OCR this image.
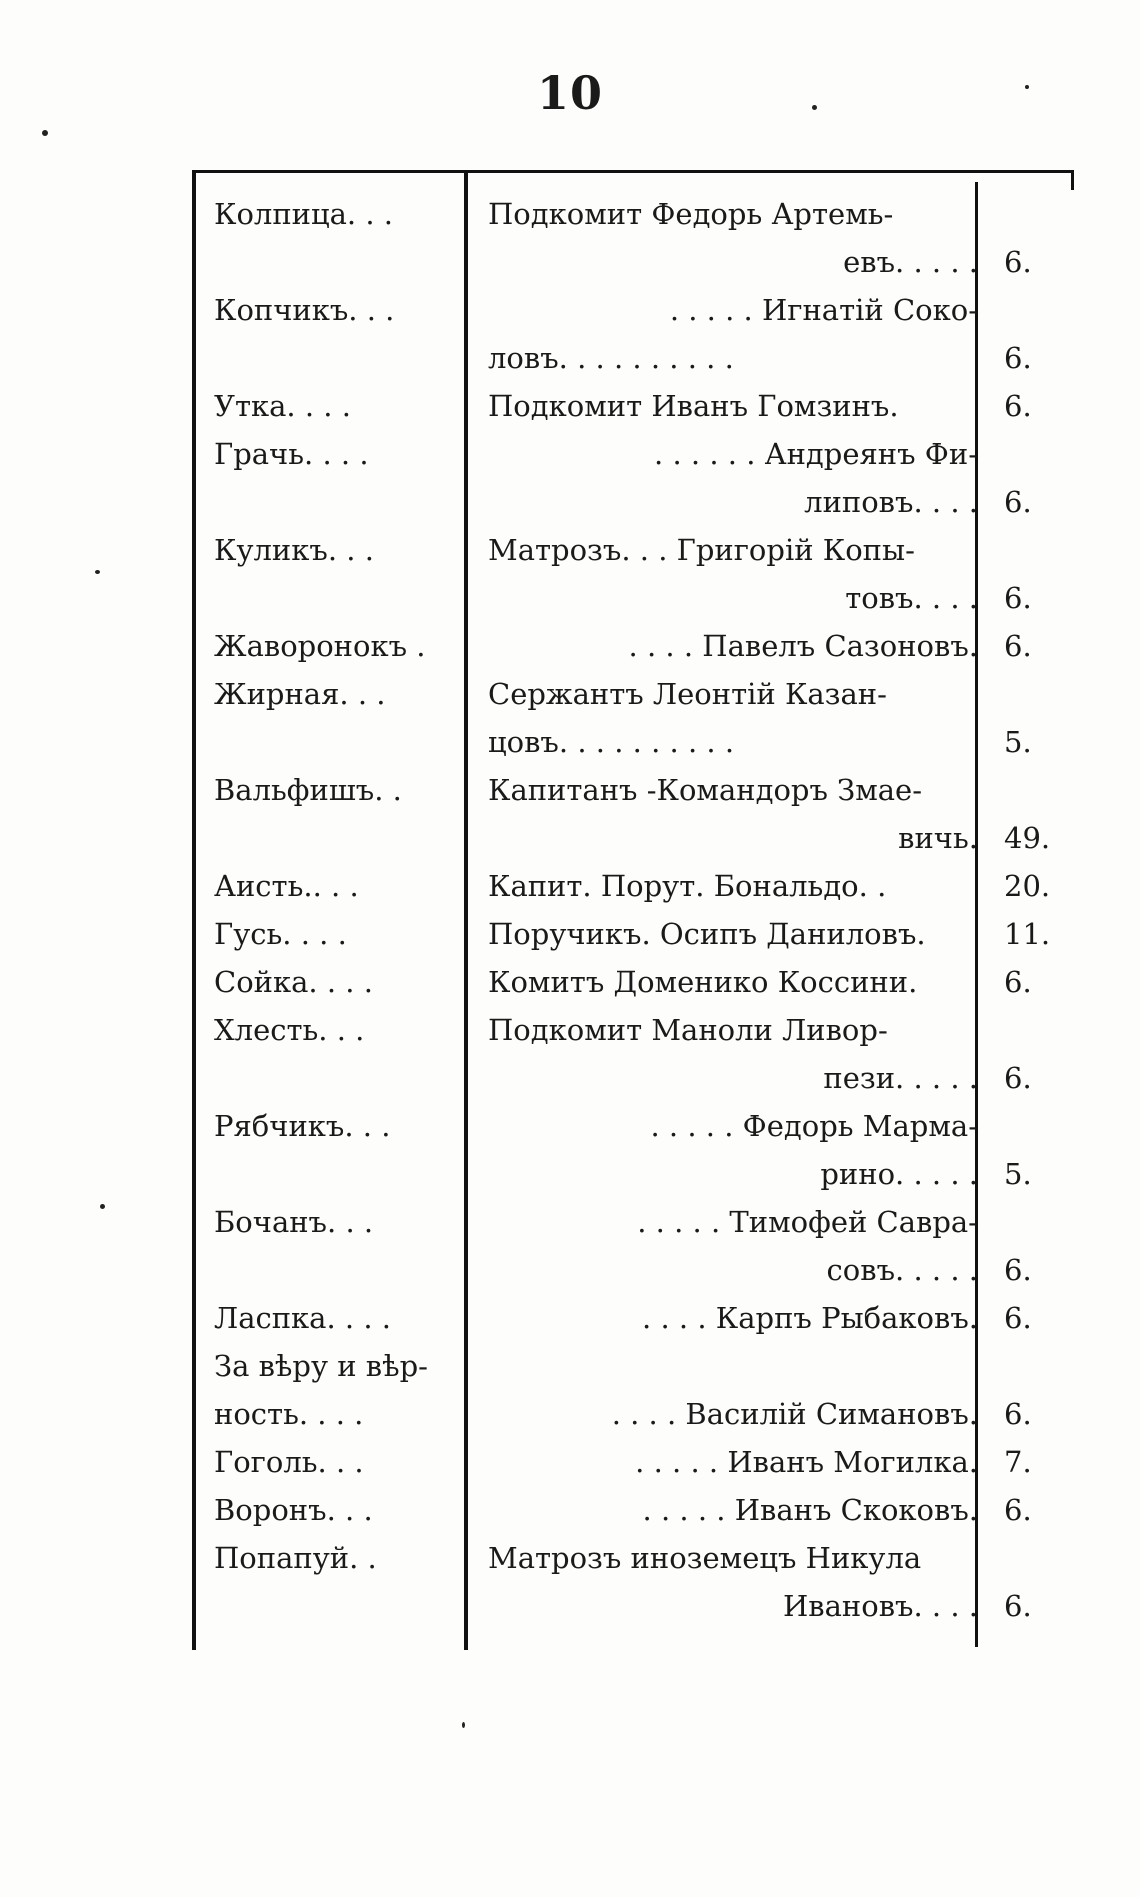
10
Колпица. . .	Подкомит Федорь Артемь-
евъ. . . . . 6.
Копчикъ. . .	. . . . . Игнатій Соко-
ловъ. . . . . . . . . .	6.
Утка. . . .	Подкомит Иванъ Гомзинъ.	6.
Грачь. . . .	. . . . . . Андреянъ Фи-
липовъ. . . . 6.
Куликъ. . .	Матрозъ. . . Григорій Копы-
товъ. . . . 6.
Жаворонокъ .	. . . . Павелъ Сазоновъ. 6.
Жирная. . .	Сержантъ Леонтій Казан-
цовъ. . . . . . . . . .	5.
Вальфишъ. .	Капитанъ -Командоръ Змае-
вичь. 49.
Аисть.. . .	Капит. Порут. Бональдо. .	20.
Гусь. . . .	Поручикъ. Осипъ Даниловъ.	11.
Сойка. . . .	Комитъ Доменико Коссини.	6.
Хлесть. . .	Подкомит Маноли Ливор-
пези. . . . . 6.
Рябчикъ. . .	. . . . . Федорь Марма-
рино. . . . . 5.
Бочанъ. . .	. . . . . Тимофей Савра-
совъ. . . . . 6.
Ласпка. . . .	. . . . Карпъ Рыбаковъ. 6.
За вѣру и вѣр-
ность. . . .	. . . . Василій Симановъ. 6.
Гоголь. . .	. . . . . Иванъ Могилка. 7.
Воронъ. . .	. . . . . Иванъ Скоковъ. 6.
Попапуй. .	Матрозъ иноземецъ Никула
Ивановъ. . . . 6.
